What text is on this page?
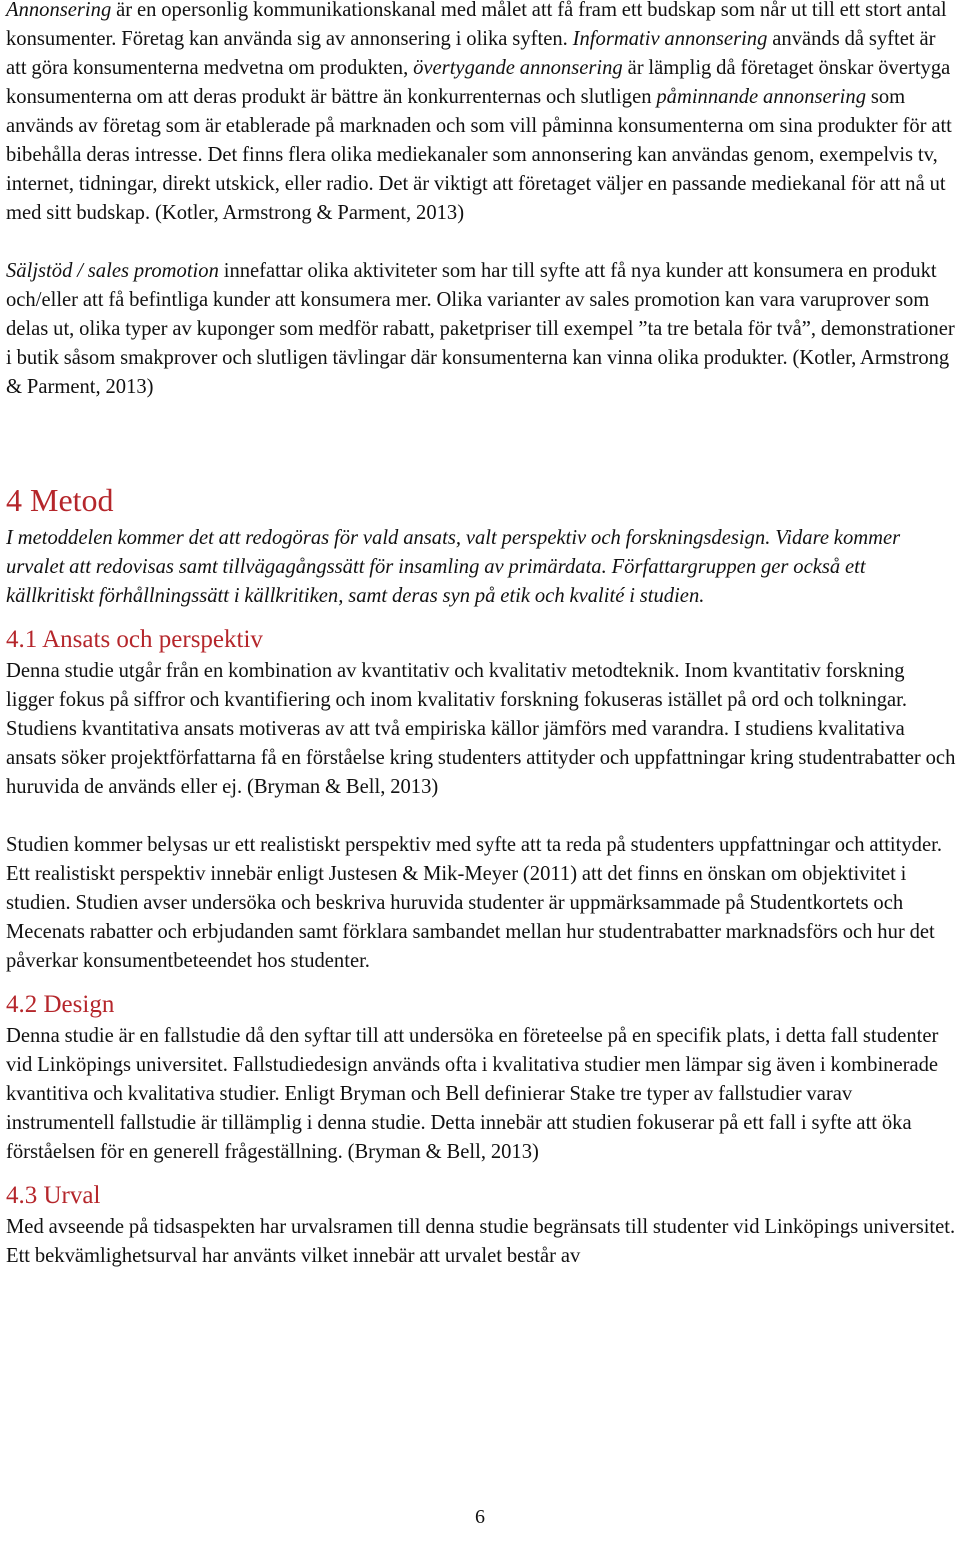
Annonsering är en opersonlig kommunikationskanal med målet att få fram ett budskap som når ut till ett stort antal konsumenter. Företag kan använda sig av annonsering i olika syften. Informativ annonsering används då syftet är att göra konsumenterna medvetna om produkten, övertygande annonsering är lämplig då företaget önskar övertyga konsumenterna om att deras produkt är bättre än konkurrenternas och slutligen påminnande annonsering som används av företag som är etablerade på marknaden och som vill påminna konsumenterna om sina produkter för att bibehålla deras intresse. Det finns flera olika mediekanaler som annonsering kan användas genom, exempelvis tv, internet, tidningar, direkt utskick, eller radio. Det är viktigt att företaget väljer en passande mediekanal för att nå ut med sitt budskap. (Kotler, Armstrong & Parment, 2013)

Säljstöd / sales promotion innefattar olika aktiviteter som har till syfte att få nya kunder att konsumera en produkt och/eller att få befintliga kunder att konsumera mer. Olika varianter av sales promotion kan vara varuprover som delas ut, olika typer av kuponger som medför rabatt, paketpriser till exempel ”ta tre betala för två”, demonstrationer i butik såsom smakprover och slutligen tävlingar där konsumenterna kan vinna olika produkter. (Kotler, Armstrong & Parment, 2013)

4 Metod

I metoddelen kommer det att redogöras för vald ansats, valt perspektiv och forskningsdesign. Vidare kommer urvalet att redovisas samt tillvägagångssätt för insamling av primärdata. Författargruppen ger också ett källkritiskt förhållningssätt i källkritiken, samt deras syn på etik och kvalité i studien.

4.1 Ansats och perspektiv

Denna studie utgår från en kombination av kvantitativ och kvalitativ metodteknik. Inom kvantitativ forskning ligger fokus på siffror och kvantifiering och inom kvalitativ forskning fokuseras istället på ord och tolkningar. Studiens kvantitativa ansats motiveras av att två empiriska källor jämförs med varandra. I studiens kvalitativa ansats söker projektförfattarna få en förståelse kring studenters attityder och uppfattningar kring studentrabatter och huruvida de används eller ej. (Bryman & Bell, 2013)

Studien kommer belysas ur ett realistiskt perspektiv med syfte att ta reda på studenters uppfattningar och attityder. Ett realistiskt perspektiv innebär enligt Justesen & Mik-Meyer (2011) att det finns en önskan om objektivitet i studien. Studien avser undersöka och beskriva huruvida studenter är uppmärksammade på Studentkortets och Mecenats rabatter och erbjudanden samt förklara sambandet mellan hur studentrabatter marknadsförs och hur det påverkar konsumentbeteendet hos studenter.

4.2 Design

Denna studie är en fallstudie då den syftar till att undersöka en företeelse på en specifik plats, i detta fall studenter vid Linköpings universitet. Fallstudiedesign används ofta i kvalitativa studier men lämpar sig även i kombinerade kvantitiva och kvalitativa studier. Enligt Bryman och Bell definierar Stake tre typer av fallstudier varav instrumentell fallstudie är tillämplig i denna studie. Detta innebär att studien fokuserar på ett fall i syfte att öka förståelsen för en generell frågeställning. (Bryman & Bell, 2013)

4.3 Urval

Med avseende på tidsaspekten har urvalsramen till denna studie begränsats till studenter vid Linköpings universitet. Ett bekvämlighetsurval har använts vilket innebär att urvalet består av

6
